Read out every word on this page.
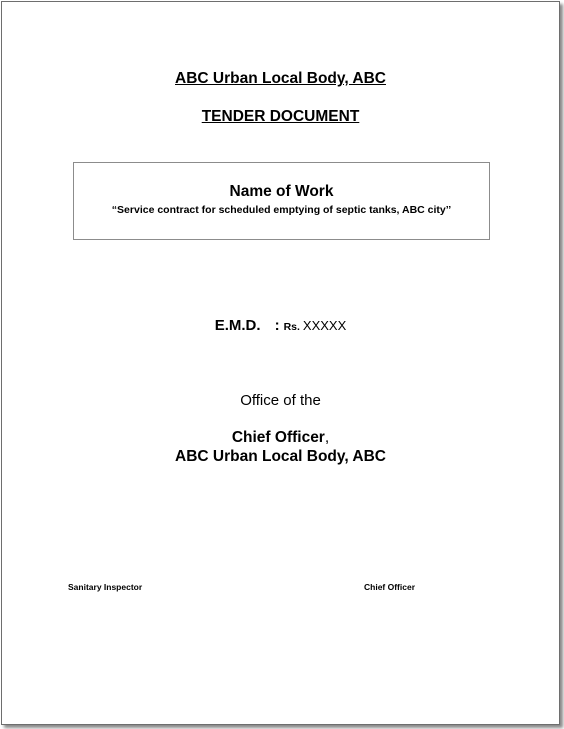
ABC Urban Local Body, ABC
TENDER DOCUMENT
Name of Work
“Service contract for scheduled emptying of septic tanks, ABC city’’
E.M.D. : Rs. XXXXX
Office of the
Chief Officer,
ABC Urban Local Body, ABC
Sanitary Inspector	Chief Officer
